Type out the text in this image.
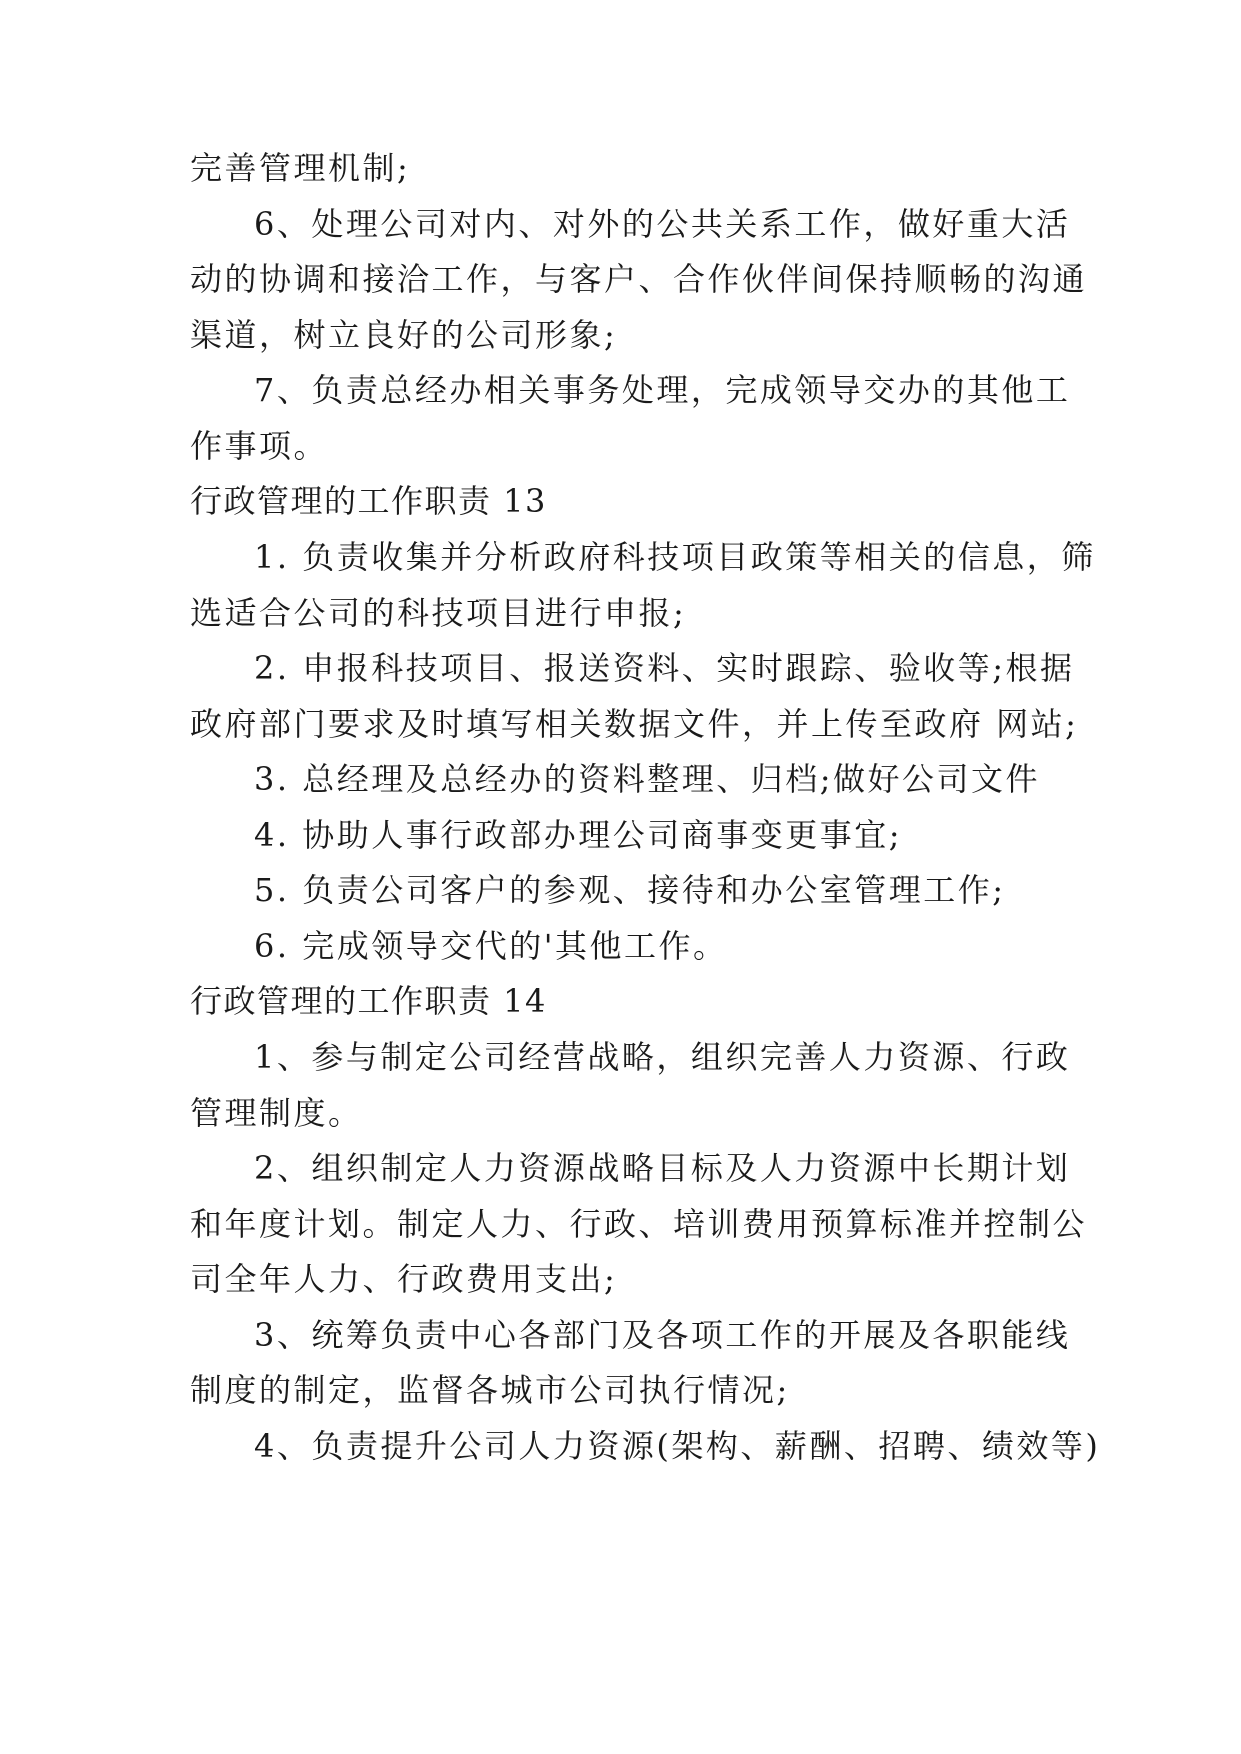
完善管理机制;
6、处理公司对内、对外的公共关系工作，做好重大活
动的协调和接洽工作，与客户、合作伙伴间保持顺畅的沟通
渠道，树立良好的公司形象;
7、负责总经办相关事务处理，完成领导交办的其他工
作事项。
行政管理的工作职责 13
1. 负责收集并分析政府科技项目政策等相关的信息，筛
选适合公司的科技项目进行申报;
2. 申报科技项目、报送资料、实时跟踪、验收等;根据
政府部门要求及时填写相关数据文件，并上传至政府 网站;
3. 总经理及总经办的资料整理、归档;做好公司文件
4. 协助人事行政部办理公司商事变更事宜;
5. 负责公司客户的参观、接待和办公室管理工作;
6. 完成领导交代的'其他工作。
行政管理的工作职责 14
1、参与制定公司经营战略，组织完善人力资源、行政
管理制度。
2、组织制定人力资源战略目标及人力资源中长期计划
和年度计划。制定人力、行政、培训费用预算标准并控制公
司全年人力、行政费用支出;
3、统筹负责中心各部门及各项工作的开展及各职能线
制度的制定，监督各城市公司执行情况;
4、负责提升公司人力资源(架构、薪酬、招聘、绩效等)
